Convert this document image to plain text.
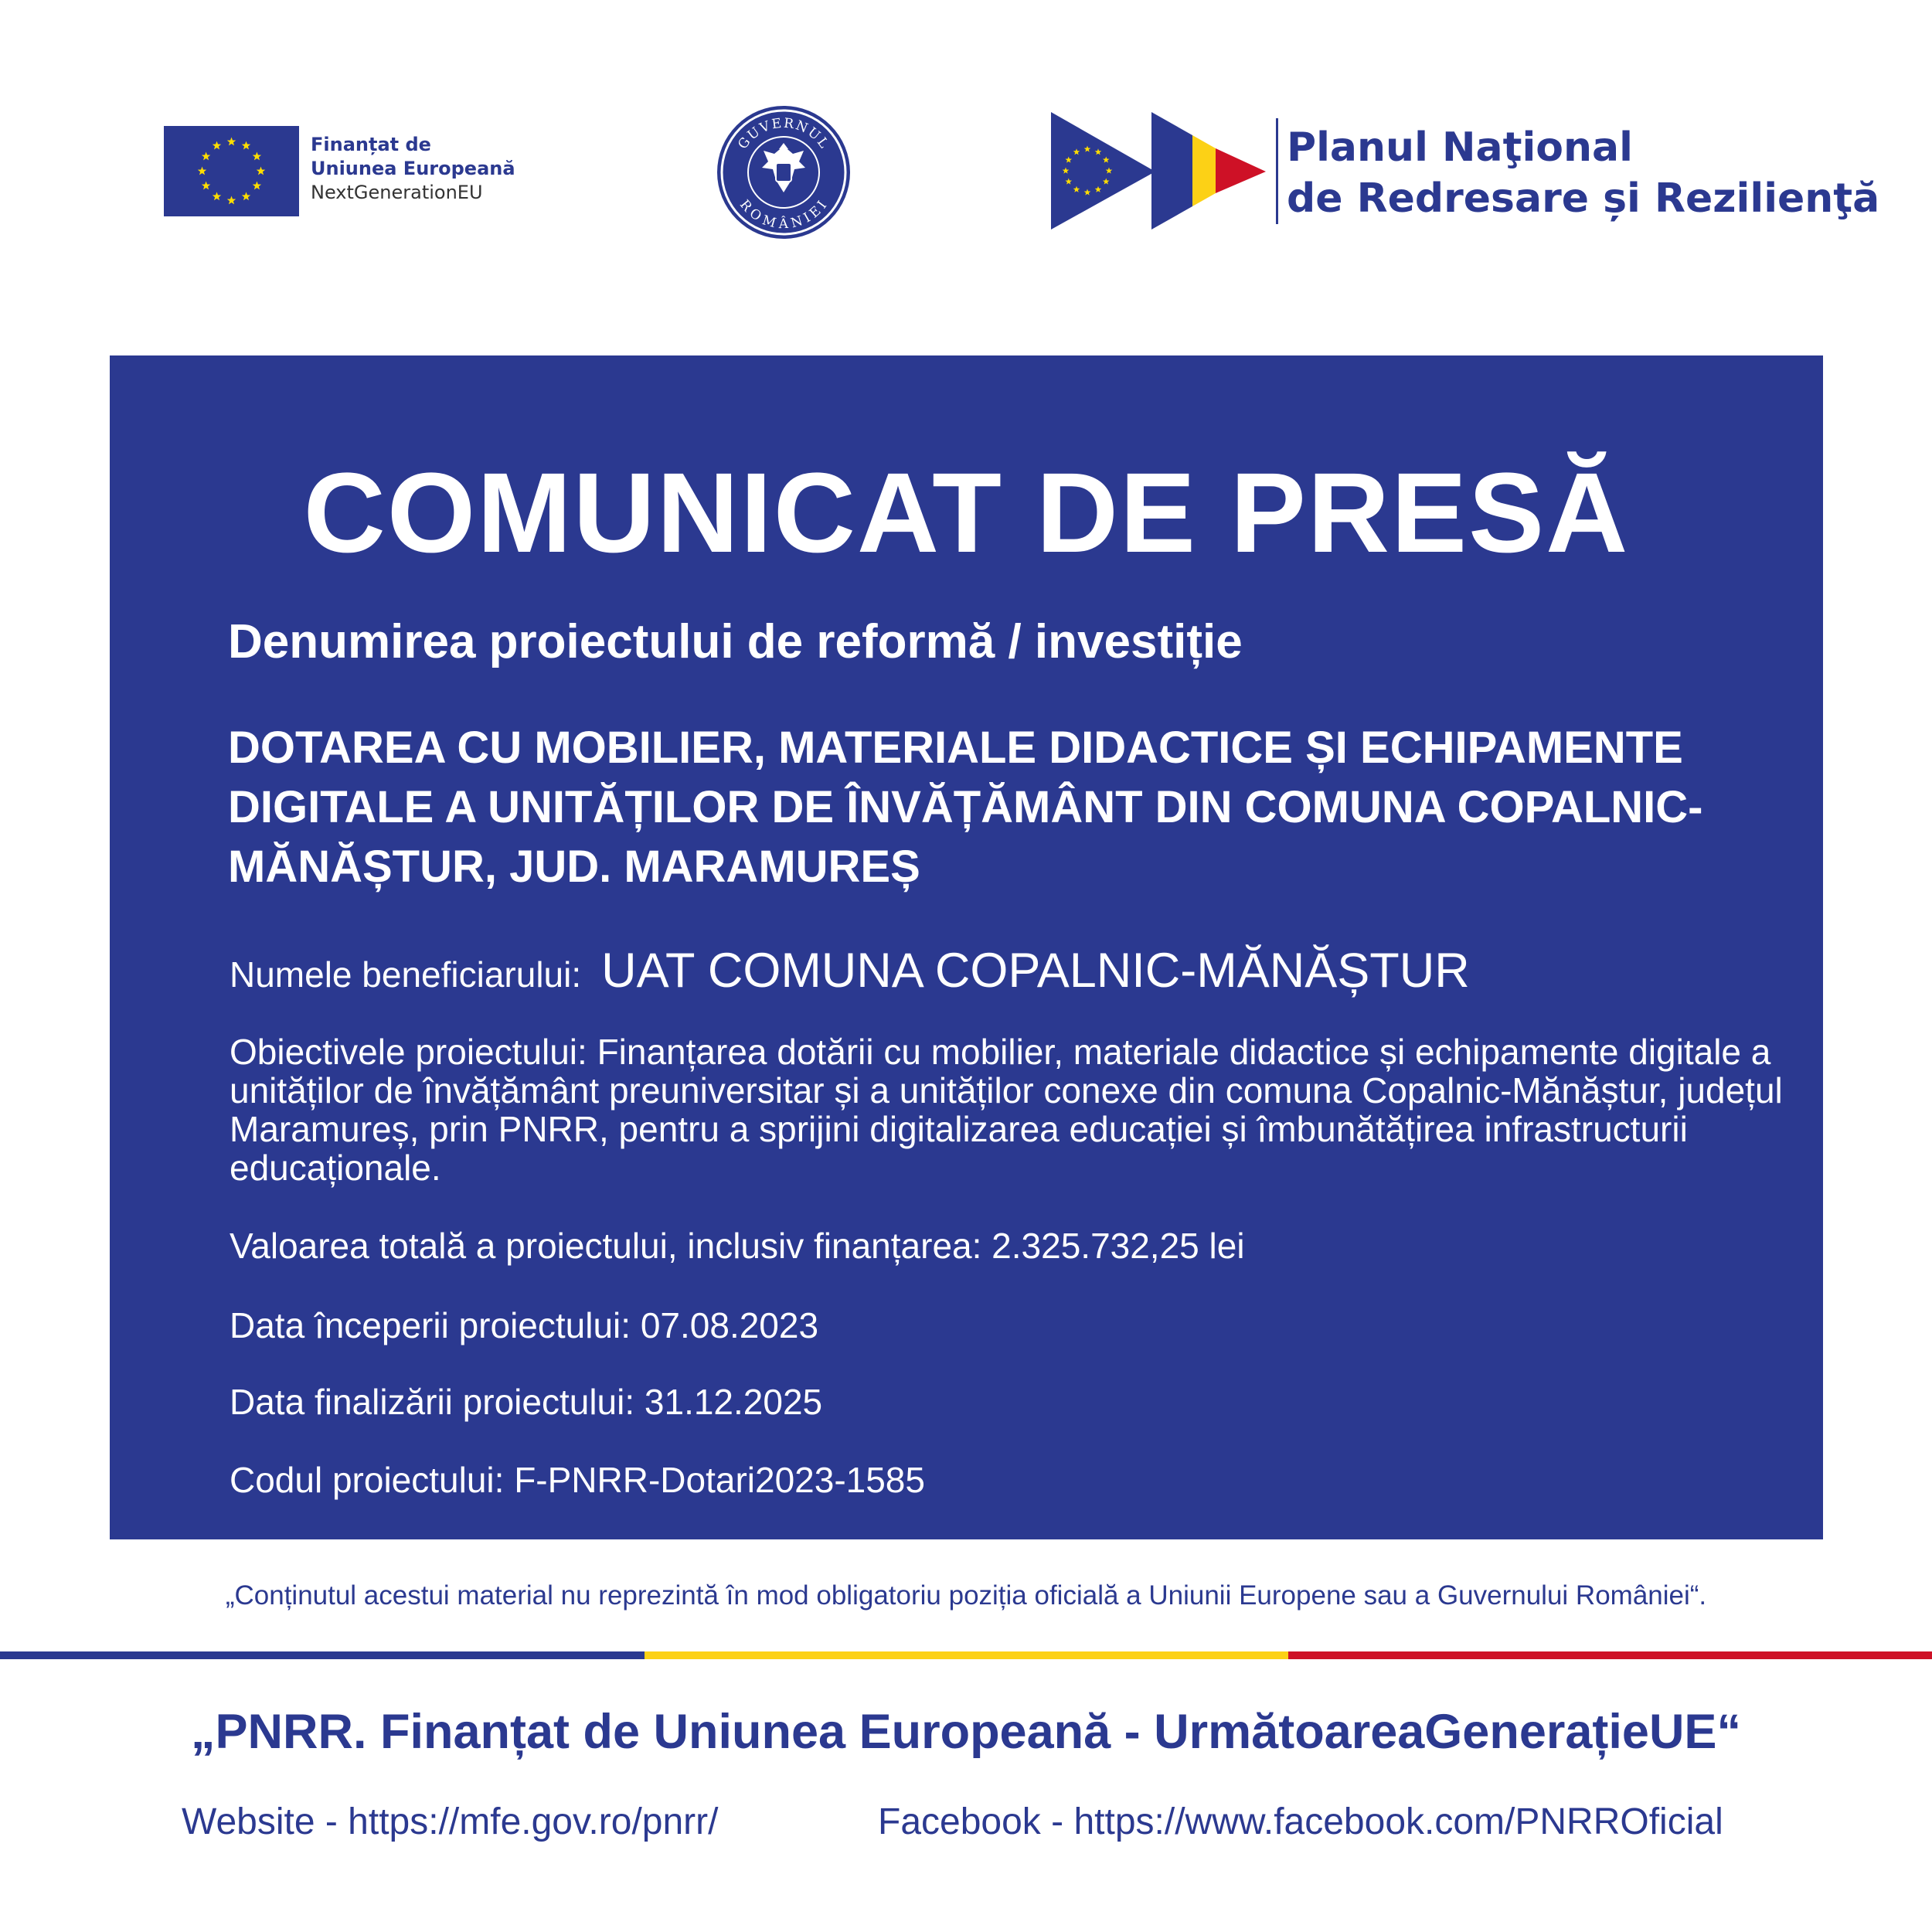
Finanțat de
Uniunea Europeană
NextGenerationEU
GUVERNUL
ROMÂNIEI
Planul Naţional
de Redresare și Rezilienţă
COMUNICAT DE PRESĂ
Denumirea proiectului de reformă / investiție
DOTAREA CU MOBILIER, MATERIALE DIDACTICE ȘI ECHIPAMENTE DIGITALE A UNITĂȚILOR DE ÎNVĂȚĂMÂNT DIN COMUNA COPALNIC-MĂNĂȘTUR, JUD. MARAMUREȘ
Numele beneficiarului: UAT COMUNA COPALNIC-MĂNĂȘTUR
Obiectivele proiectului: Finanțarea dotării cu mobilier, materiale didactice și echipamente digitale a unităților de învățământ preuniversitar și a unităților conexe din comuna Copalnic-Mănăștur, județul Maramureș, prin PNRR, pentru a sprijini digitalizarea educației și îmbunătățirea infrastructurii educaționale.
Valoarea totală a proiectului, inclusiv finanțarea: 2.325.732,25 lei
Data începerii proiectului: 07.08.2023
Data finalizării proiectului: 31.12.2025
Codul proiectului: F-PNRR-Dotari2023-1585
„Conținutul acestui material nu reprezintă în mod obligatoriu poziția oficială a Uniunii Europene sau a Guvernului României“.
„PNRR. Finanțat de Uniunea Europeană - UrmătoareaGenerațieUE“
Website - https://mfe.gov.ro/pnrr/	Facebook - https://www.facebook.com/PNRROficial
